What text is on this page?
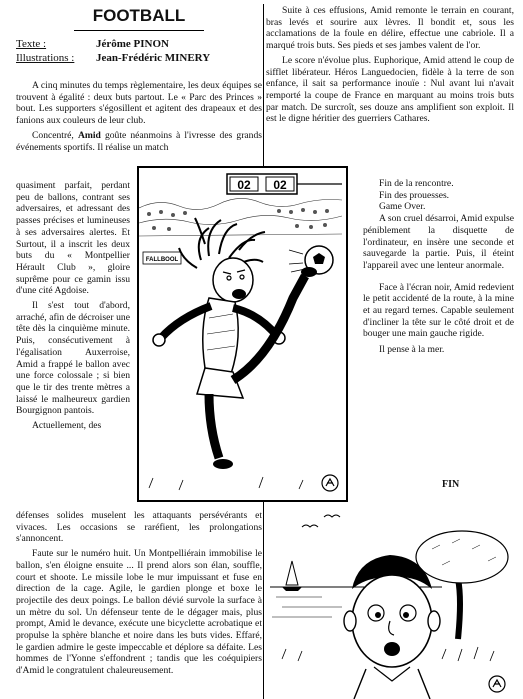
FOOTBALL
Texte :	Jérôme PINON
Illustrations :	Jean-Frédéric MINERY

A cinq minutes du temps règlementaire, les deux équipes se trouvent à égalité : deux buts partout. Le « Parc des Princes » bout. Les supporters s'égosillent et agitent des drapeaux et des fanions aux couleurs de leur club.

Concentré, Amid goûte néanmoins à l'ivresse des grands événements sportifs. Il réalise un match

quasiment parfait, perdant peu de ballons, contrant ses adversaires, et adressant des passes précises et lumineuses à ses adversaires alertes. Et Surtout, il a inscrit les deux buts du « Montpellier Hérault Club », gloire suprême pour ce gamin issu d'une cité Agdoise.

Il s'est tout d'abord, arraché, afin de décroiser une tête dès la cinquième minute. Puis, consécutivement à l'égalisation Auxerroise, Amid a frappé le ballon avec une force colossale ; si bien que le tir des trente mètres a laissé le malheureux gardien Bourgignon pantois.

Actuellement, des

défenses solides muselent les attaquants persévérants et vivaces. Les occasions se raréfient, les prolongations s'annoncent.

Faute sur le numéro huit. Un Montpelliérain immobilise le ballon, s'en éloigne ensuite ... Il prend alors son élan, souffle, court et shoote. Le missile lobe le mur impuissant et fuse en direction de la cage. Agile, le gardien plonge et boxe le projectile des deux poings. Le ballon dévié survole la surface à un mètre du sol. Un défenseur tente de le dégager mais, plus prompt, Amid le devance, exécute une bicyclette acrobatique et propulse la sphère blanche et noire dans les buts vides. Effaré, le gardien admire le geste impeccable et déplore sa défaite. Les hommes de l'Yonne s'effondrent ; tandis que les coéquipiers d'Amid le congratulent chaleureusement.

Suite à ces effusions, Amid remonte le terrain en courant, bras levés et sourire aux lèvres. Il bondit et, sous les acclamations de la foule en délire, effectue une cabriole. Il a marqué trois buts. Ses pieds et ses jambes valent de l'or.

Le score n'évolue plus. Euphorique, Amid attend le coup de sifflet libérateur. Héros Languedocien, fidèle à la terre de son enfance, il sait sa performance inouïe : Nul avant lui n'avait remporté la coupe de France en marquant au moins trois buts par match. De surcroît, ses douze ans amplifient son exploit. Il est le digne héritier des guerriers Cathares.

Fin de la rencontre.

Fin des prouesses.

Game Over.

A son cruel désarroi, Amid expulse péniblement la disquette de l'ordinateur, en insère une seconde et sauvegarde la partie. Puis, il éteint l'appareil avec une lenteur anormale.

Face à l'écran noir, Amid redevient le petit accidenté de la route, à la mine et au regard ternes. Capable seulement d'incliner la tête sur le côté droit et de bouger une main gauche rigide.

Il pense à la mer.

FIN
02 02
FALLBOOL
